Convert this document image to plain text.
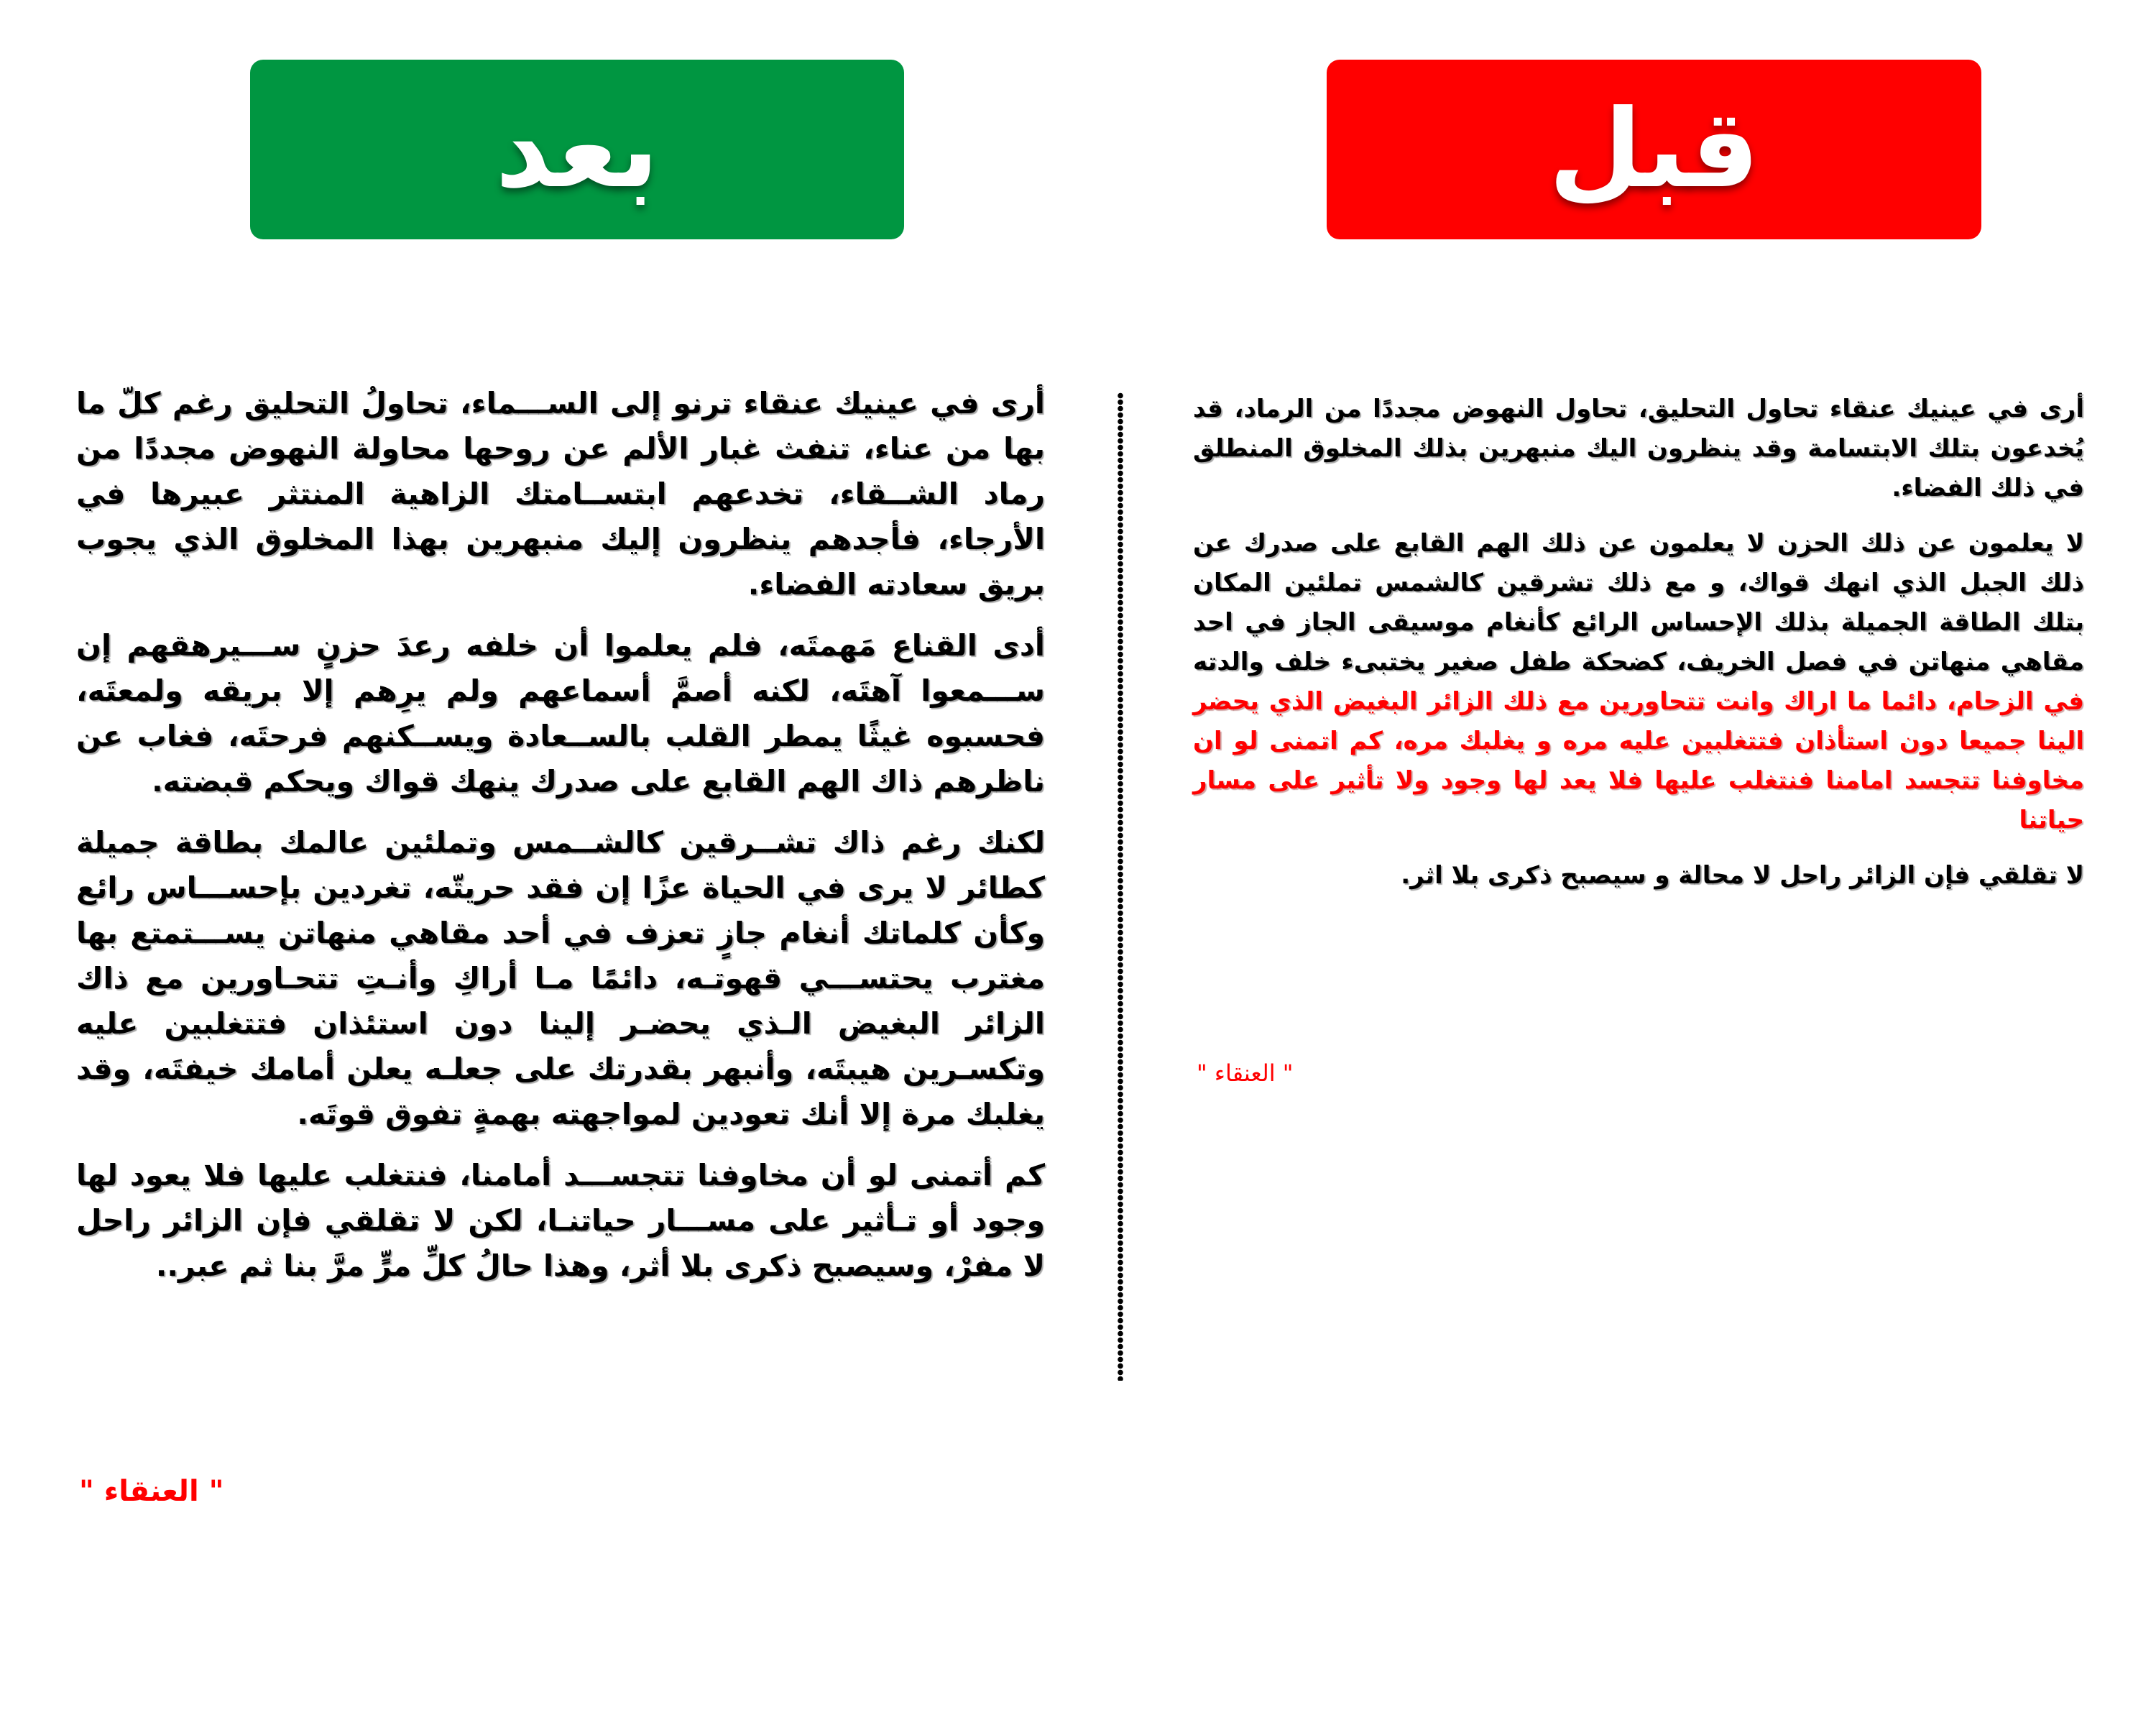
بعد	قبل

أرى في عينيك عنقاء ترنو إلى الســـماء، تحاولُ التحليق رغم كلّ ما بها من عناء، تنفث غبار الألم عن روحها محاولة النهوض مجددًا من رماد الشــقاء، تخدعهم ابتســامتك الزاهية المنتثر عبيرها في الأرجاء، فأجدهم ينظرون إليك منبهرين بهذا المخلوق الذي يجوب بريق سعادته الفضاء.

أدى القناع مَهمتَه، فلم يعلموا أن خلفه رعدَ حزنٍ ســـيرهقهم إن ســـمعوا آهتَه، لكنه أصمَّ أسماعهم ولم يرِهم إلا بريقه ولمعتَه، فحسبوه غيثًا يمطر القلب بالســعادة ويســكنهم فرحتَه، فغاب عن ناظرهم ذاك الهم القابع على صدرك ينهك قواك ويحكم قبضته.

لكنك رغم ذاك تشــرقين كالشــمس وتملئين عالمك بطاقة جميلة كطائر لا يرى في الحياة عزًا إن فقد حريتّه، تغردين بإحســـاس رائع وكأن كلماتك أنغام جازٍ تعزف في أحد مقاهي منهاتن يســـتمتع بها مغترب يحتســـي قهوتـه، دائمًا مـا أراكِ وأنـتِ تتحـاورين مع ذاك الزائر البغيض الـذي يحضـر إلينا دون استئذان فتتغلبين عليه وتكسـرين هيبتَه، وأنبهر بقدرتك على جعلـه يعلن أمامك خيفتَه، وقد يغلبك مرة إلا أنك تعودين لمواجهته بهمةٍ تفوق قوتَه.

كم أتمنى لو أن مخاوفنا تتجســـد أمامنا، فنتغلب عليها فلا يعود لها وجود أو تـأثير على مســـار حياتنـا، لكن لا تقلقي فإن الزائر راحل لا مفرْ، وسيصبح ذكرى بلا أثر، وهذا حالُ كلِّ مرٍّ مرَّ بنا ثم عبر..

أرى في عينيك عنقاء تحاول التحليق، تحاول النهوض مجددًا من الرماد، قد يُخدعون بتلك الابتسامة وقد ينظرون اليك منبهرين بذلك المخلوق المنطلق في ذلك الفضاء.

لا يعلمون عن ذلك الحزن لا يعلمون عن ذلك الهم القابع على صدرك عن ذلك الجبل الذي انهك قواك، و مع ذلك تشرقين كالشمس تملئين المكان بتلك الطاقة الجميلة بذلك الإحساس الرائع كأنغام موسيقى الجاز في احد مقاهي منهاتن في فصل الخريف، كضحكة طفل صغير يختبىء خلف والدته في الزحام، دائما ما اراك وانت تتحاورين مع ذلك الزائر البغيض الذي يحضر الينا جميعا دون استأذان فتتغلبين عليه مره و يغلبك مره، كم اتمنى لو ان مخاوفنا تتجسد امامنا فنتغلب عليها فلا يعد لها وجود ولا تأثير على مسار حياتنا

لا تقلقي فإن الزائر راحل لا محالة و سيصبح ذكرى بلا اثر.

" العنقاء "
" العنقاء "
